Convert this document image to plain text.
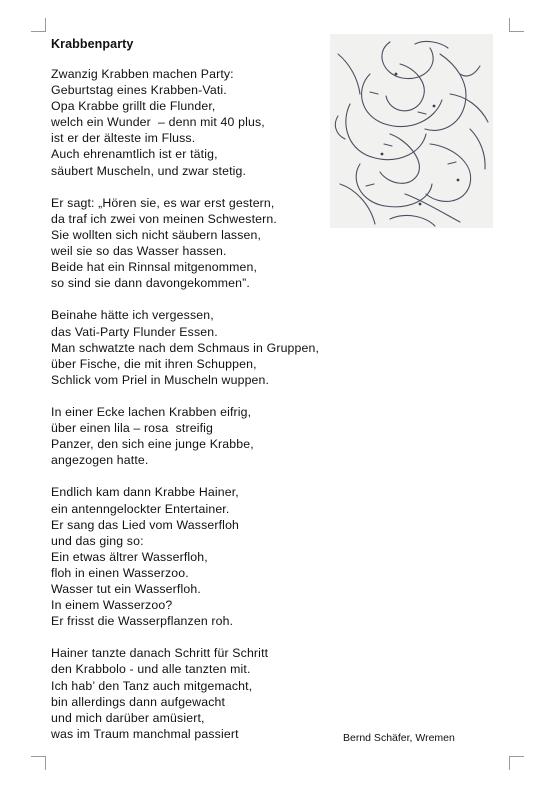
Krabbenparty
Zwanzig Krabben machen Party:
Geburtstag eines Krabben-Vati.
Opa Krabbe grillt die Flunder,
welch ein Wunder  – denn mit 40 plus,
ist er der älteste im Fluss.
Auch ehrenamtlich ist er tätig,
säubert Muscheln, und zwar stetig.
Er sagt: „Hören sie, es war erst gestern,
da traf ich zwei von meinen Schwestern.
Sie wollten sich nicht säubern lassen,
weil sie so das Wasser hassen.
Beide hat ein Rinnsal mitgenommen,
so sind sie dann davongekommen”.
Beinahe hätte ich vergessen,
das Vati-Party Flunder Essen.
Man schwatzte nach dem Schmaus in Gruppen,
über Fische, die mit ihren Schuppen,
Schlick vom Priel in Muscheln wuppen.
In einer Ecke lachen Krabben eifrig,
über einen lila – rosa  streifig
Panzer, den sich eine junge Krabbe,
angezogen hatte.
Endlich kam dann Krabbe Hainer,
ein antenngelockter Entertainer.
Er sang das Lied vom Wasserfloh
und das ging so:
Ein etwas ältrer Wasserfloh,
floh in einen Wasserzoo.
Wasser tut ein Wasserfloh.
In einem Wasserzoo?
Er frisst die Wasserpflanzen roh.
Hainer tanzte danach Schritt für Schritt
den Krabbolo - und alle tanzten mit.
Ich hab’ den Tanz auch mitgemacht,
bin allerdings dann aufgewacht
und mich darüber amüsiert,
was im Traum manchmal passiert	Bernd Schäfer, Wremen
